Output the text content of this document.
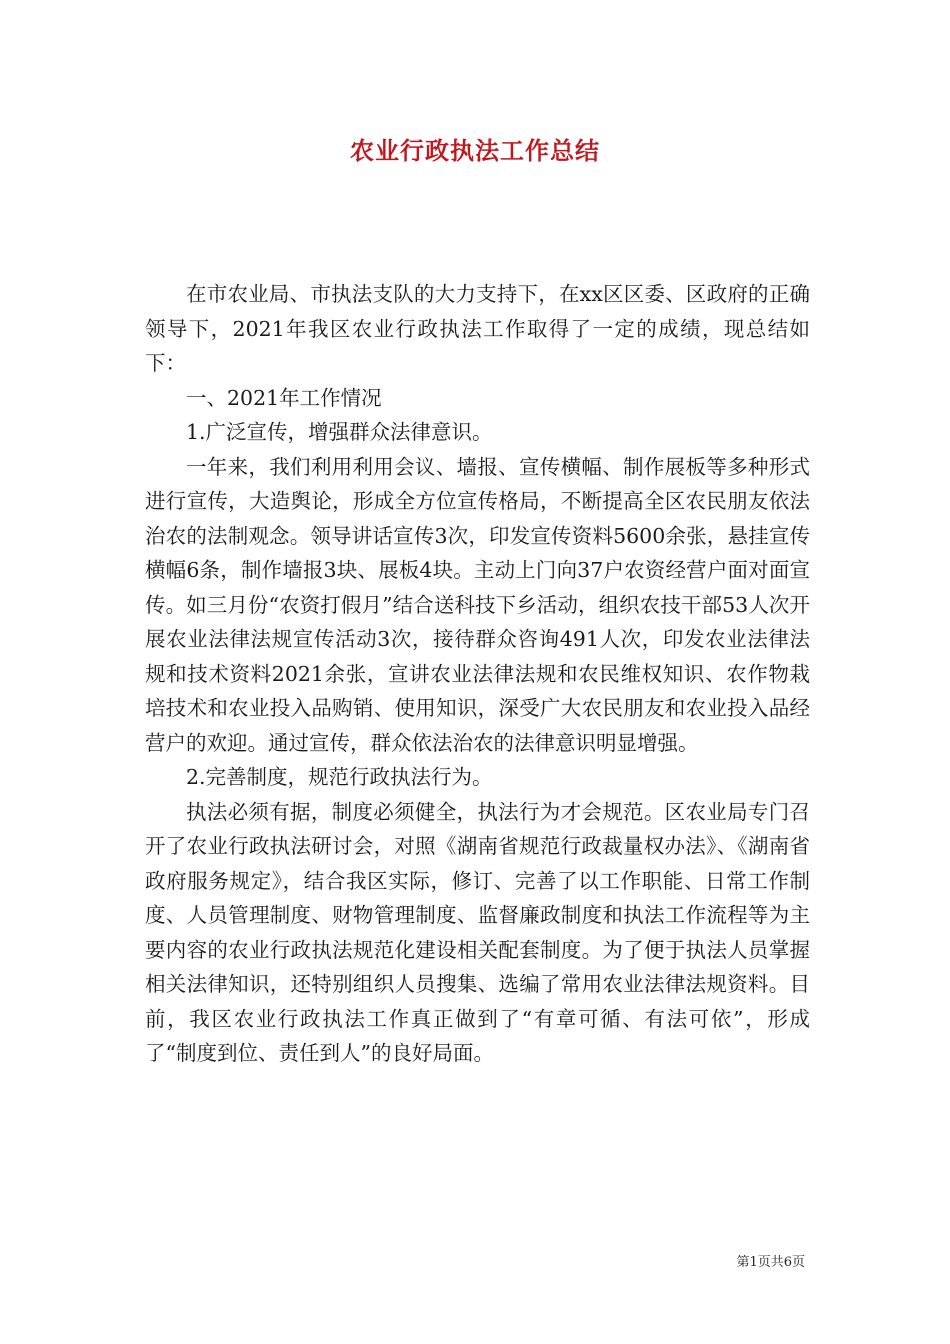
农业行政执法工作总结

在市农业局、市执法支队的大力支持下，在xx区区委、区政府的正确领导下，2021年我区农业行政执法工作取得了一定的成绩，现总结如下：

一、2021年工作情况

1.广泛宣传，增强群众法律意识。

一年来，我们利用利用会议、墙报、宣传横幅、制作展板等多种形式进行宣传，大造舆论，形成全方位宣传格局，不断提高全区农民朋友依法治农的法制观念。领导讲话宣传3次，印发宣传资料5600余张，悬挂宣传横幅6条，制作墙报3块、展板4块。主动上门向37户农资经营户面对面宣传。如三月份“农资打假月”结合送科技下乡活动，组织农技干部53人次开展农业法律法规宣传活动3次，接待群众咨询491人次，印发农业法律法规和技术资料2021余张，宣讲农业法律法规和农民维权知识、农作物栽培技术和农业投入品购销、使用知识，深受广大农民朋友和农业投入品经营户的欢迎。通过宣传，群众依法治农的法律意识明显增强。

2.完善制度，规范行政执法行为。

执法必须有据，制度必须健全，执法行为才会规范。区农业局专门召开了农业行政执法研讨会，对照《湖南省规范行政裁量权办法》、《湖南省政府服务规定》，结合我区实际，修订、完善了以工作职能、日常工作制度、人员管理制度、财物管理制度、监督廉政制度和执法工作流程等为主要内容的农业行政执法规范化建设相关配套制度。为了便于执法人员掌握相关法律知识，还特别组织人员搜集、选编了常用农业法律法规资料。目前，我区农业行政执法工作真正做到了“有章可循、有法可依”，形成了“制度到位、责任到人”的良好局面。

第1页共6页
